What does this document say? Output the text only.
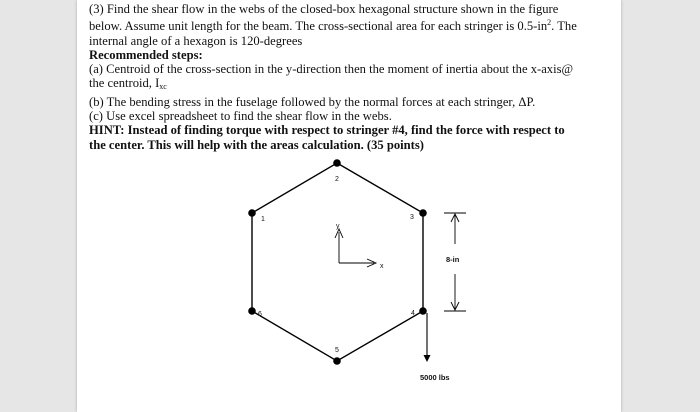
(3) Find the shear flow in the webs of the closed-box hexagonal structure shown in the figure

below. Assume unit length for the beam. The cross-sectional area for each stringer is $0.5-in^2$. The

internal angle of a hexagon is 120-degrees

Recommended steps:

(a) Centroid of the cross-section in the y-direction then the moment of inertia about the x-axis@

the centroid, $I_{xc}$

(b) The bending stress in the fuselage followed by the normal forces at each stringer, ΔP.

(c) Use excel spreadsheet to find the shear flow in the webs.

HINT: Instead of finding torque with respect to stringer #4, find the force with respect to

the center. This will help with the areas calculation. (35 points)

1
2
3
4
5
6
y
x
8-in
5000 lbs
